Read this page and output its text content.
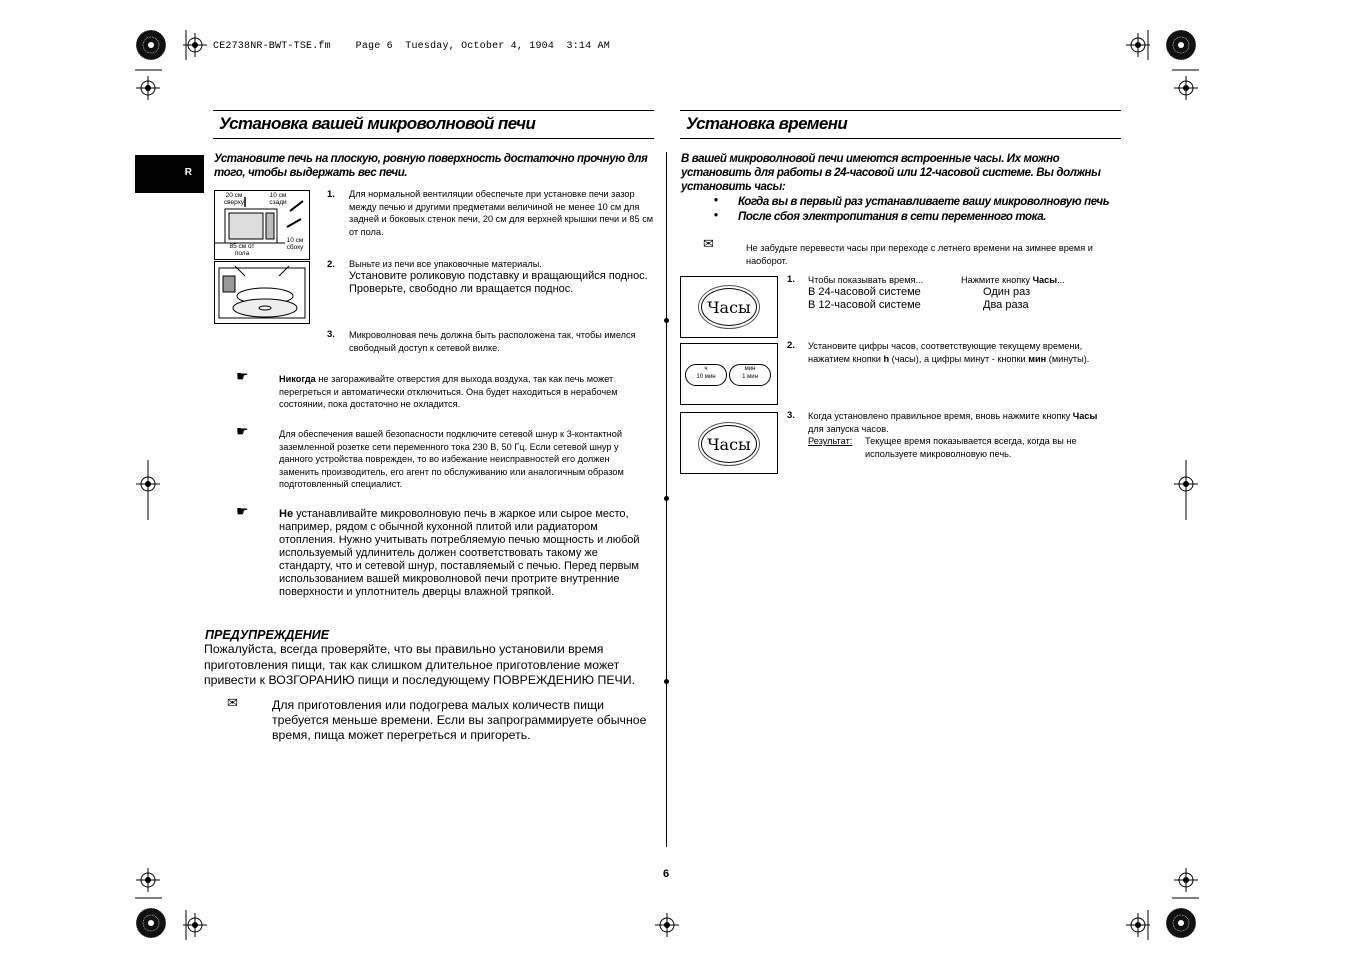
CE2738NR-BWT-TSE.fm Page 6 Tuesday, October 4, 1904 3:14 AM
R
Установка вашей микроволновой печи
Установите печь на плоскую, ровную поверхность достаточно прочную для того, чтобы выдержать вес печи.
20 см сверху
10 см сзади
10 см сбоку
85 см от пола
1. Для нормальной вентиляции обеспечьте при установке печи зазор между печью и другими предметами величиной не менее 10 см для задней и боковых стенок печи, 20 см для верхней крышки печи и 85 см от пола.
2. Выньте из печи все упаковочные материалы.
Установите роликовую подставку и вращающийся поднос. Проверьте, свободно ли вращается поднос.
3. Микроволновая печь должна быть расположена так, чтобы имелся свободный доступ к сетевой вилке.
☛	Никогда не загораживайте отверстия для выхода воздуха, так как печь может перегреться и автоматически отключиться. Она будет находиться в нерабочем состоянии, пока достаточно не охладится.
☛	Для обеспечения вашей безопасности подключите сетевой шнур к 3-контактной заземленной розетке сети переменного тока 230 В, 50 Гц. Если сетевой шнур у данного устройства поврежден, то во избежание неисправностей его должен заменить производитель, его агент по обслуживанию или аналогичным образом подготовленный специалист.
☛	Не устанавливайте микроволновую печь в жаркое или сырое место, например, рядом с обычной кухонной плитой или радиатором отопления. Нужно учитывать потребляемую печью мощность и любой используемый удлинитель должен соответствовать такому же стандарту, что и сетевой шнур, поставляемый с печью. Перед первым использованием вашей микроволновой печи протрите внутренние поверхности и уплотнитель дверцы влажной тряпкой.
ПРЕДУПРЕЖДЕНИЕ
Пожалуйста, всегда проверяйте, что вы правильно установили время приготовления пищи, так как слишком длительное приготовление может привести к ВОЗГОРАНИЮ пищи и последующему ПОВРЕЖДЕНИЮ ПЕЧИ.
✉	Для приготовления или подогрева малых количеств пищи требуется меньше времени. Если вы запрограммируете обычное время, пища может перегреться и пригореть.
Установка времени
В вашей микроволновой печи имеются встроенные часы. Их можно установить для работы в 24-часовой или 12-часовой системе. Вы должны установить часы:
• Когда вы в первый раз устанавливаете вашу микроволновую печь
• После сбоя электропитания в сети переменного тока.
✉	Не забудьте перевести часы при переходе с летнего времени на зимнее время и наоборот.
Часы
ч
10 мин
мин
1 мин
Часы
1. Чтобы показывать время...	Нажмите кнопку Часы...
В 24-часовой системе	Один раз
В 12-часовой системе	Два раза
2. Установите цифры часов, соответствующие текущему времени,
нажатием кнопки h (часы), а цифры минут - кнопки мин (минуты).
3. Когда установлено правильное время, вновь нажмите кнопку Часы
для запуска часов.
Результат: Текущее время показывается всегда, когда вы не используете микроволновую печь.
6
